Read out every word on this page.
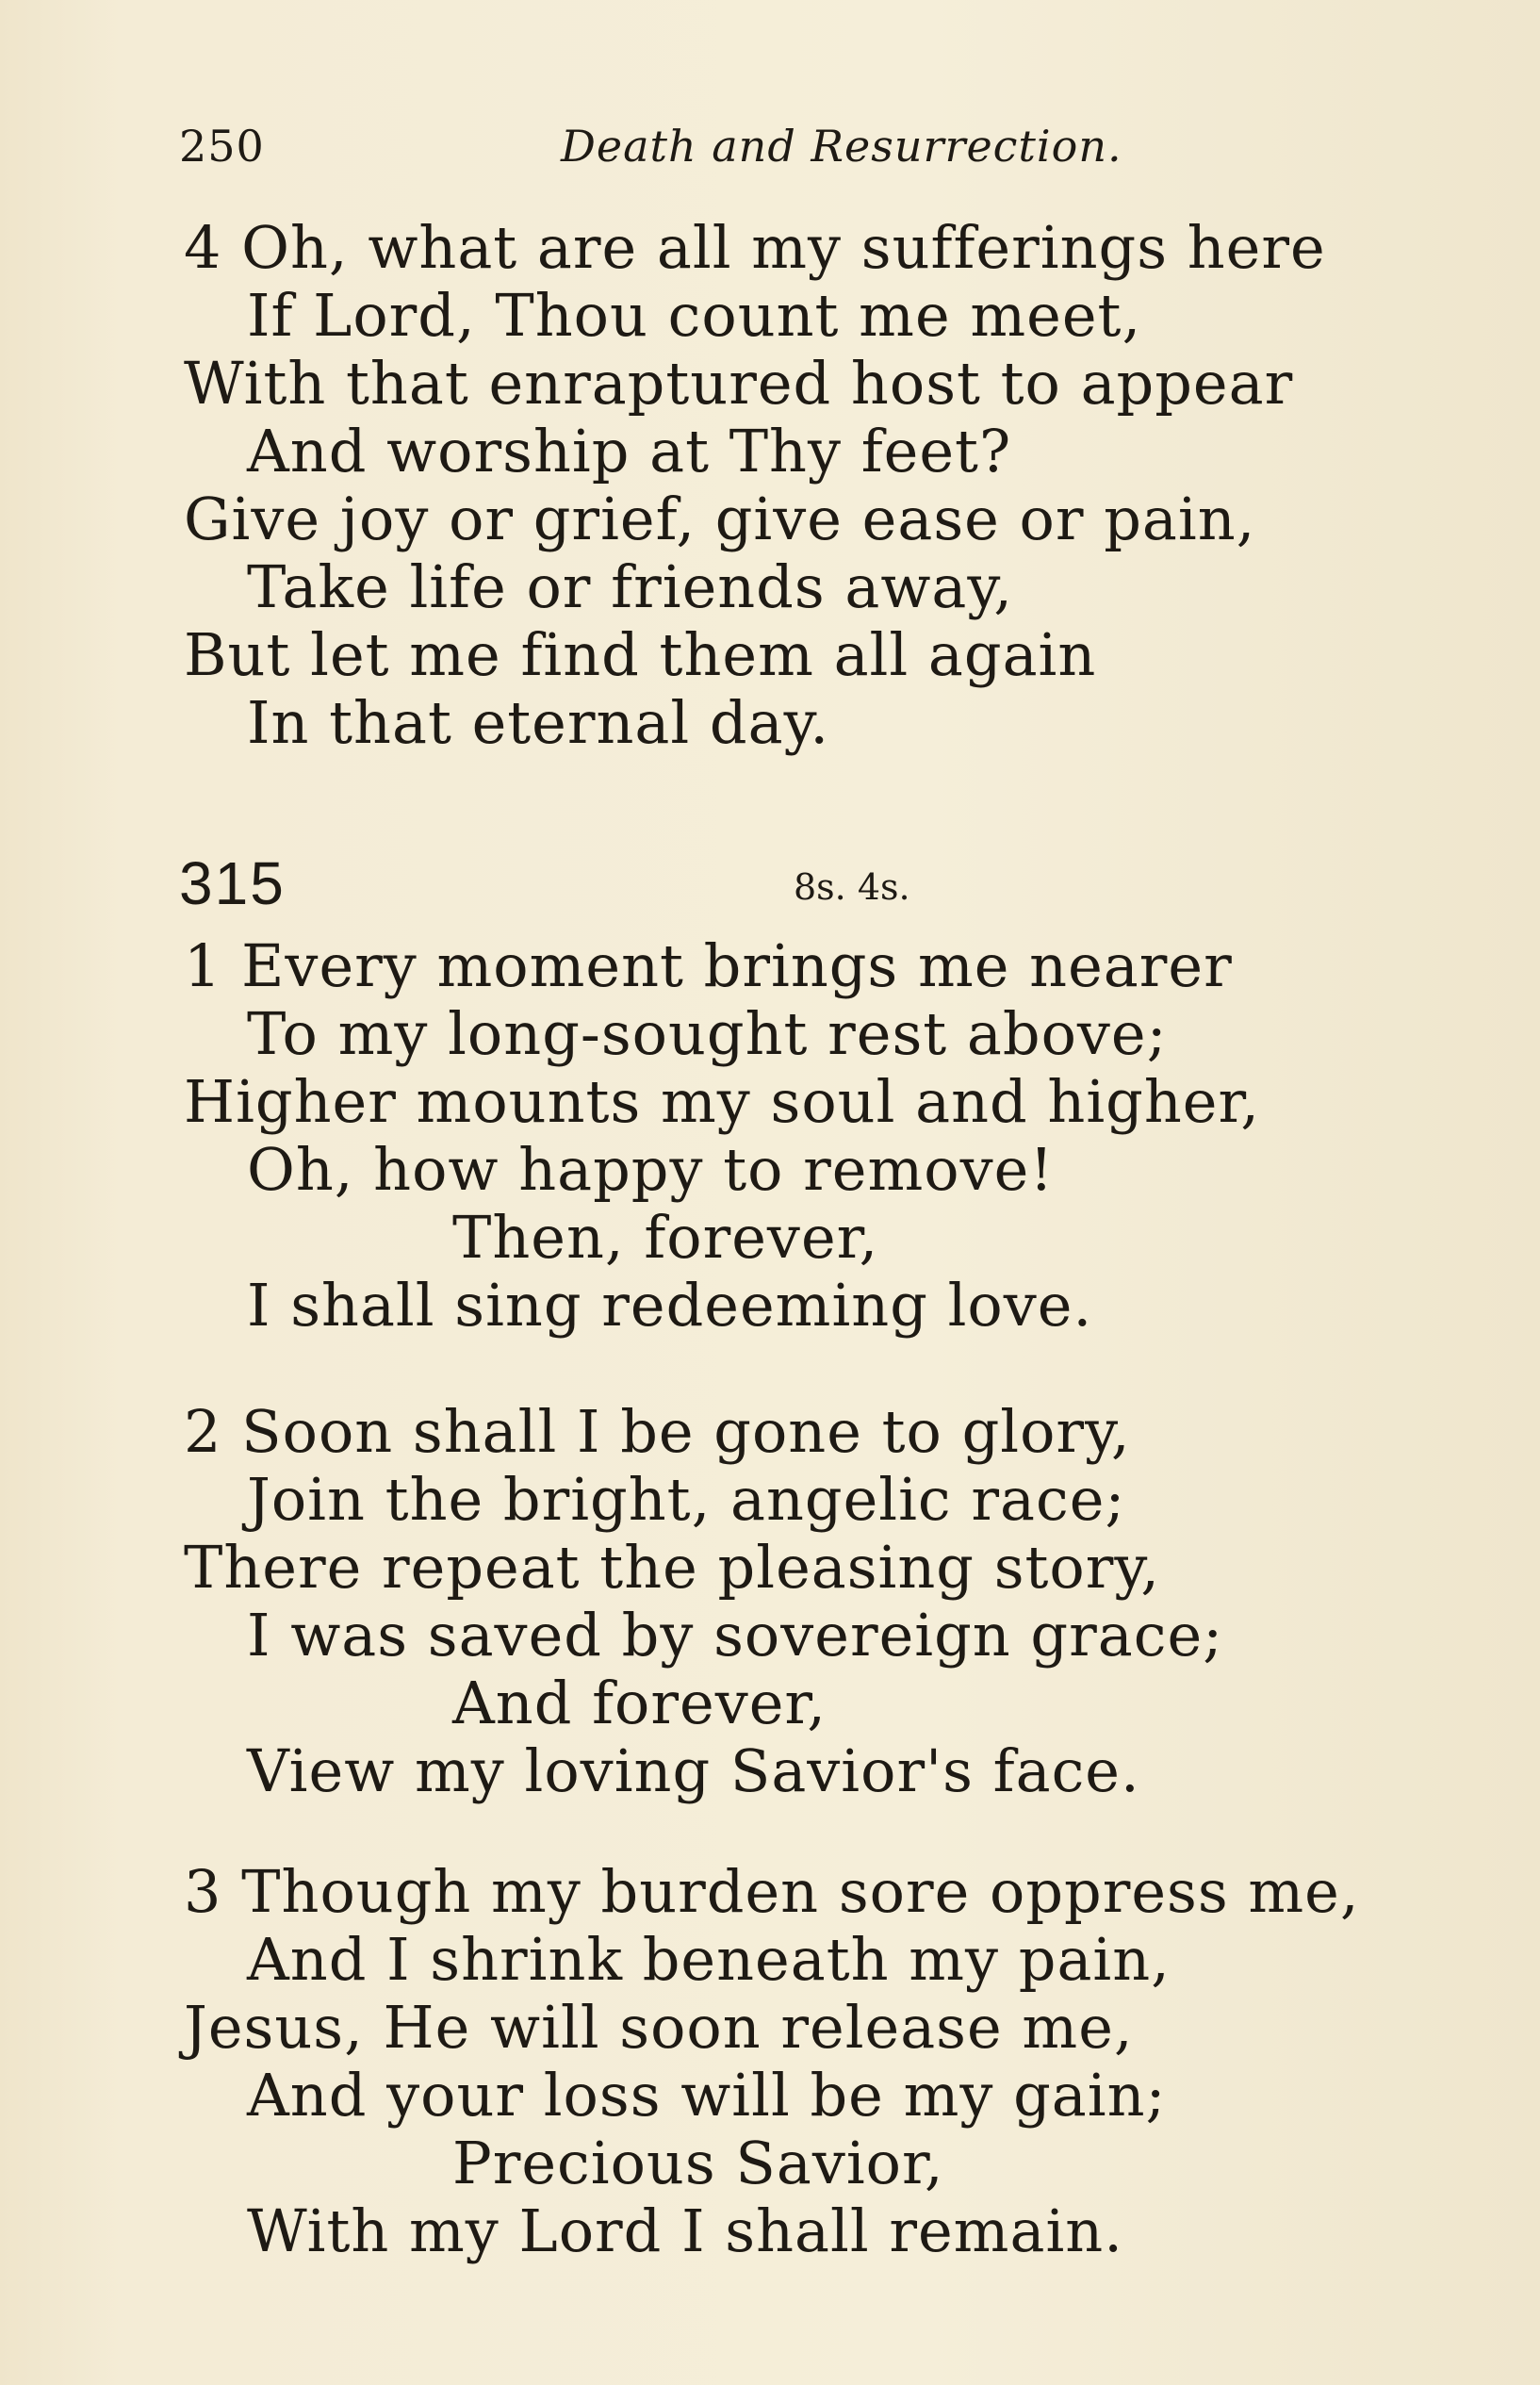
250	Death and Resurrection.
4 Oh, what are all my sufferings here
If Lord, Thou count me meet,
With that enraptured host to appear
And worship at Thy feet?
Give joy or grief, give ease or pain,
Take life or friends away,
But let me find them all again
In that eternal day.
315	8s. 4s.
1 Every moment brings me nearer
To my long-sought rest above;
Higher mounts my soul and higher,
Oh, how happy to remove!
Then, forever,
I shall sing redeeming love.
2 Soon shall I be gone to glory,
Join the bright, angelic race;
There repeat the pleasing story,
I was saved by sovereign grace;
And forever,
View my loving Savior's face.
3 Though my burden sore oppress me,
And I shrink beneath my pain,
Jesus, He will soon release me,
And your loss will be my gain;
Precious Savior,
With my Lord I shall remain.
